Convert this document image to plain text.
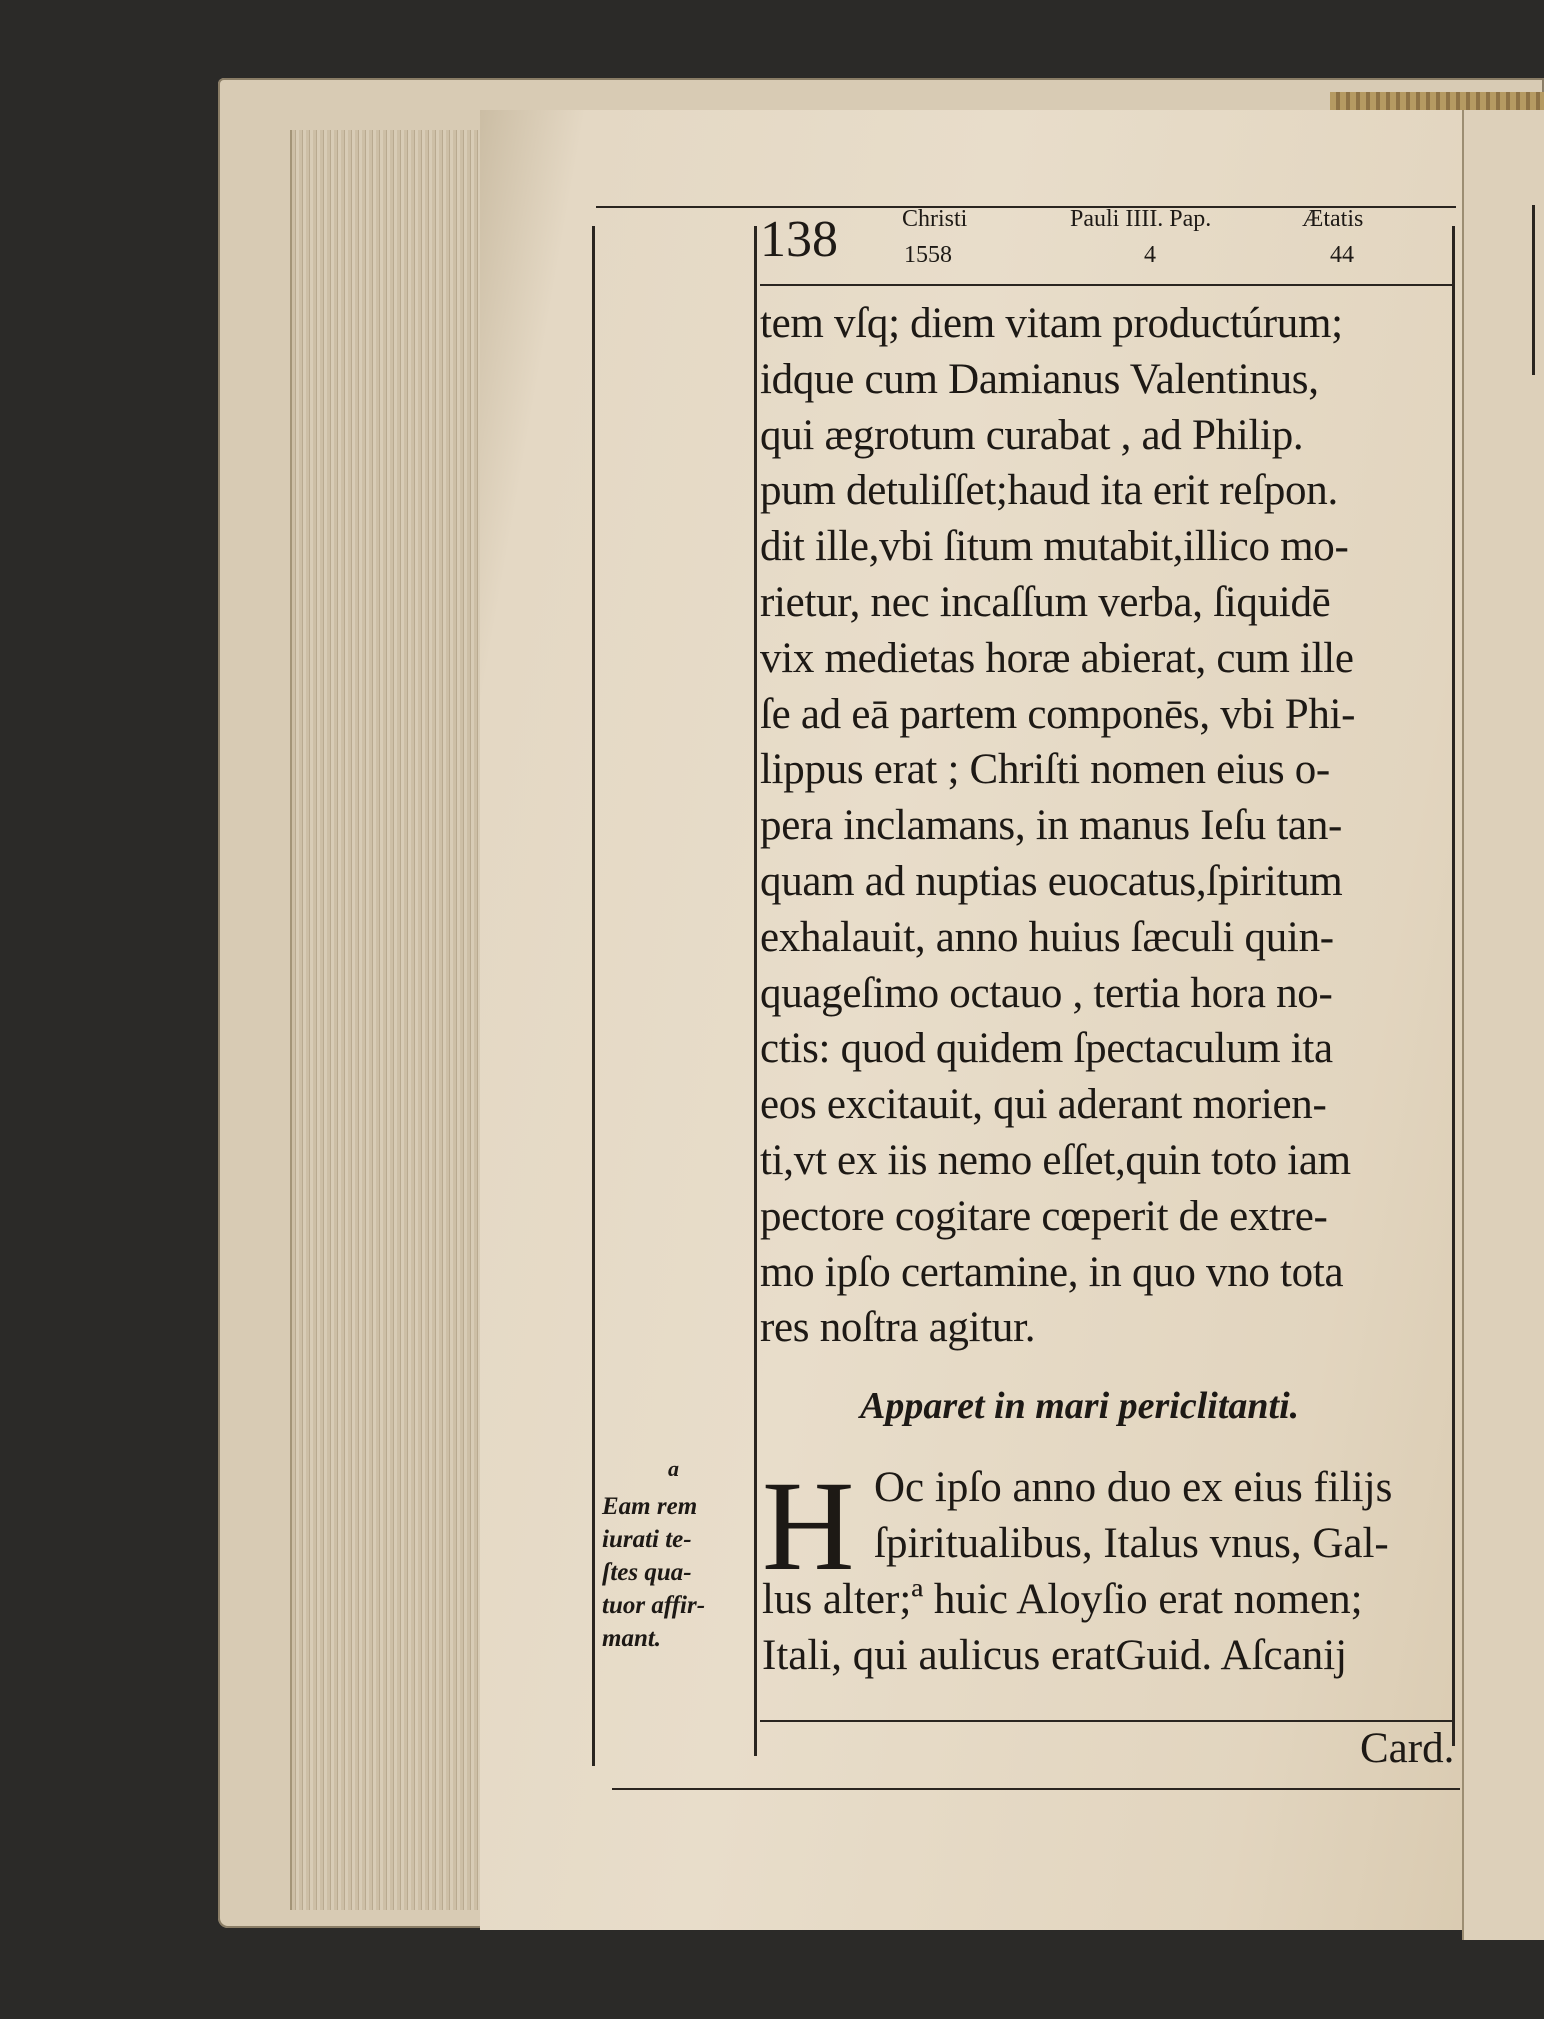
138	Christi
1558
Pauli IIII. Pap.
4
Ætatis
44
tem vſq; diem vitam productúrum;
idque cum Damianus Valentinus,
qui ægrotum curabat , ad Philip.
pum detuliſſet;haud ita erit reſpon.
dit ille,vbi ſitum mutabit,illico mo-
rietur, nec incaſſum verba, ſiquidē
vix medietas horæ abierat, cum ille
ſe ad eā partem componēs, vbi Phi-
lippus erat ; Chriſti nomen eius o-
pera inclamans, in manus Ieſu tan-
quam ad nuptias euocatus,ſpiritum
exhalauit, anno huius ſæculi quin-
quageſimo octauo , tertia hora no-
ctis: quod quidem ſpectaculum ita
eos excitauit, qui aderant morien-
ti,vt ex iis nemo eſſet,quin toto iam
pectore cogitare cœperit de extre-
mo ipſo certamine, in quo vno tota
res noſtra agitur.
Apparet in mari periclitanti.
H Oc ipſo anno duo ex eius filijs
ſpiritualibus, Italus vnus, Gal-
lus alter;ª huic Aloyſio erat nomen;
Itali, qui aulicus eratGuid. Aſcanij
a
Eam rem
iurati te-
ſtes qua-
tuor affir-
mant.
Card.
